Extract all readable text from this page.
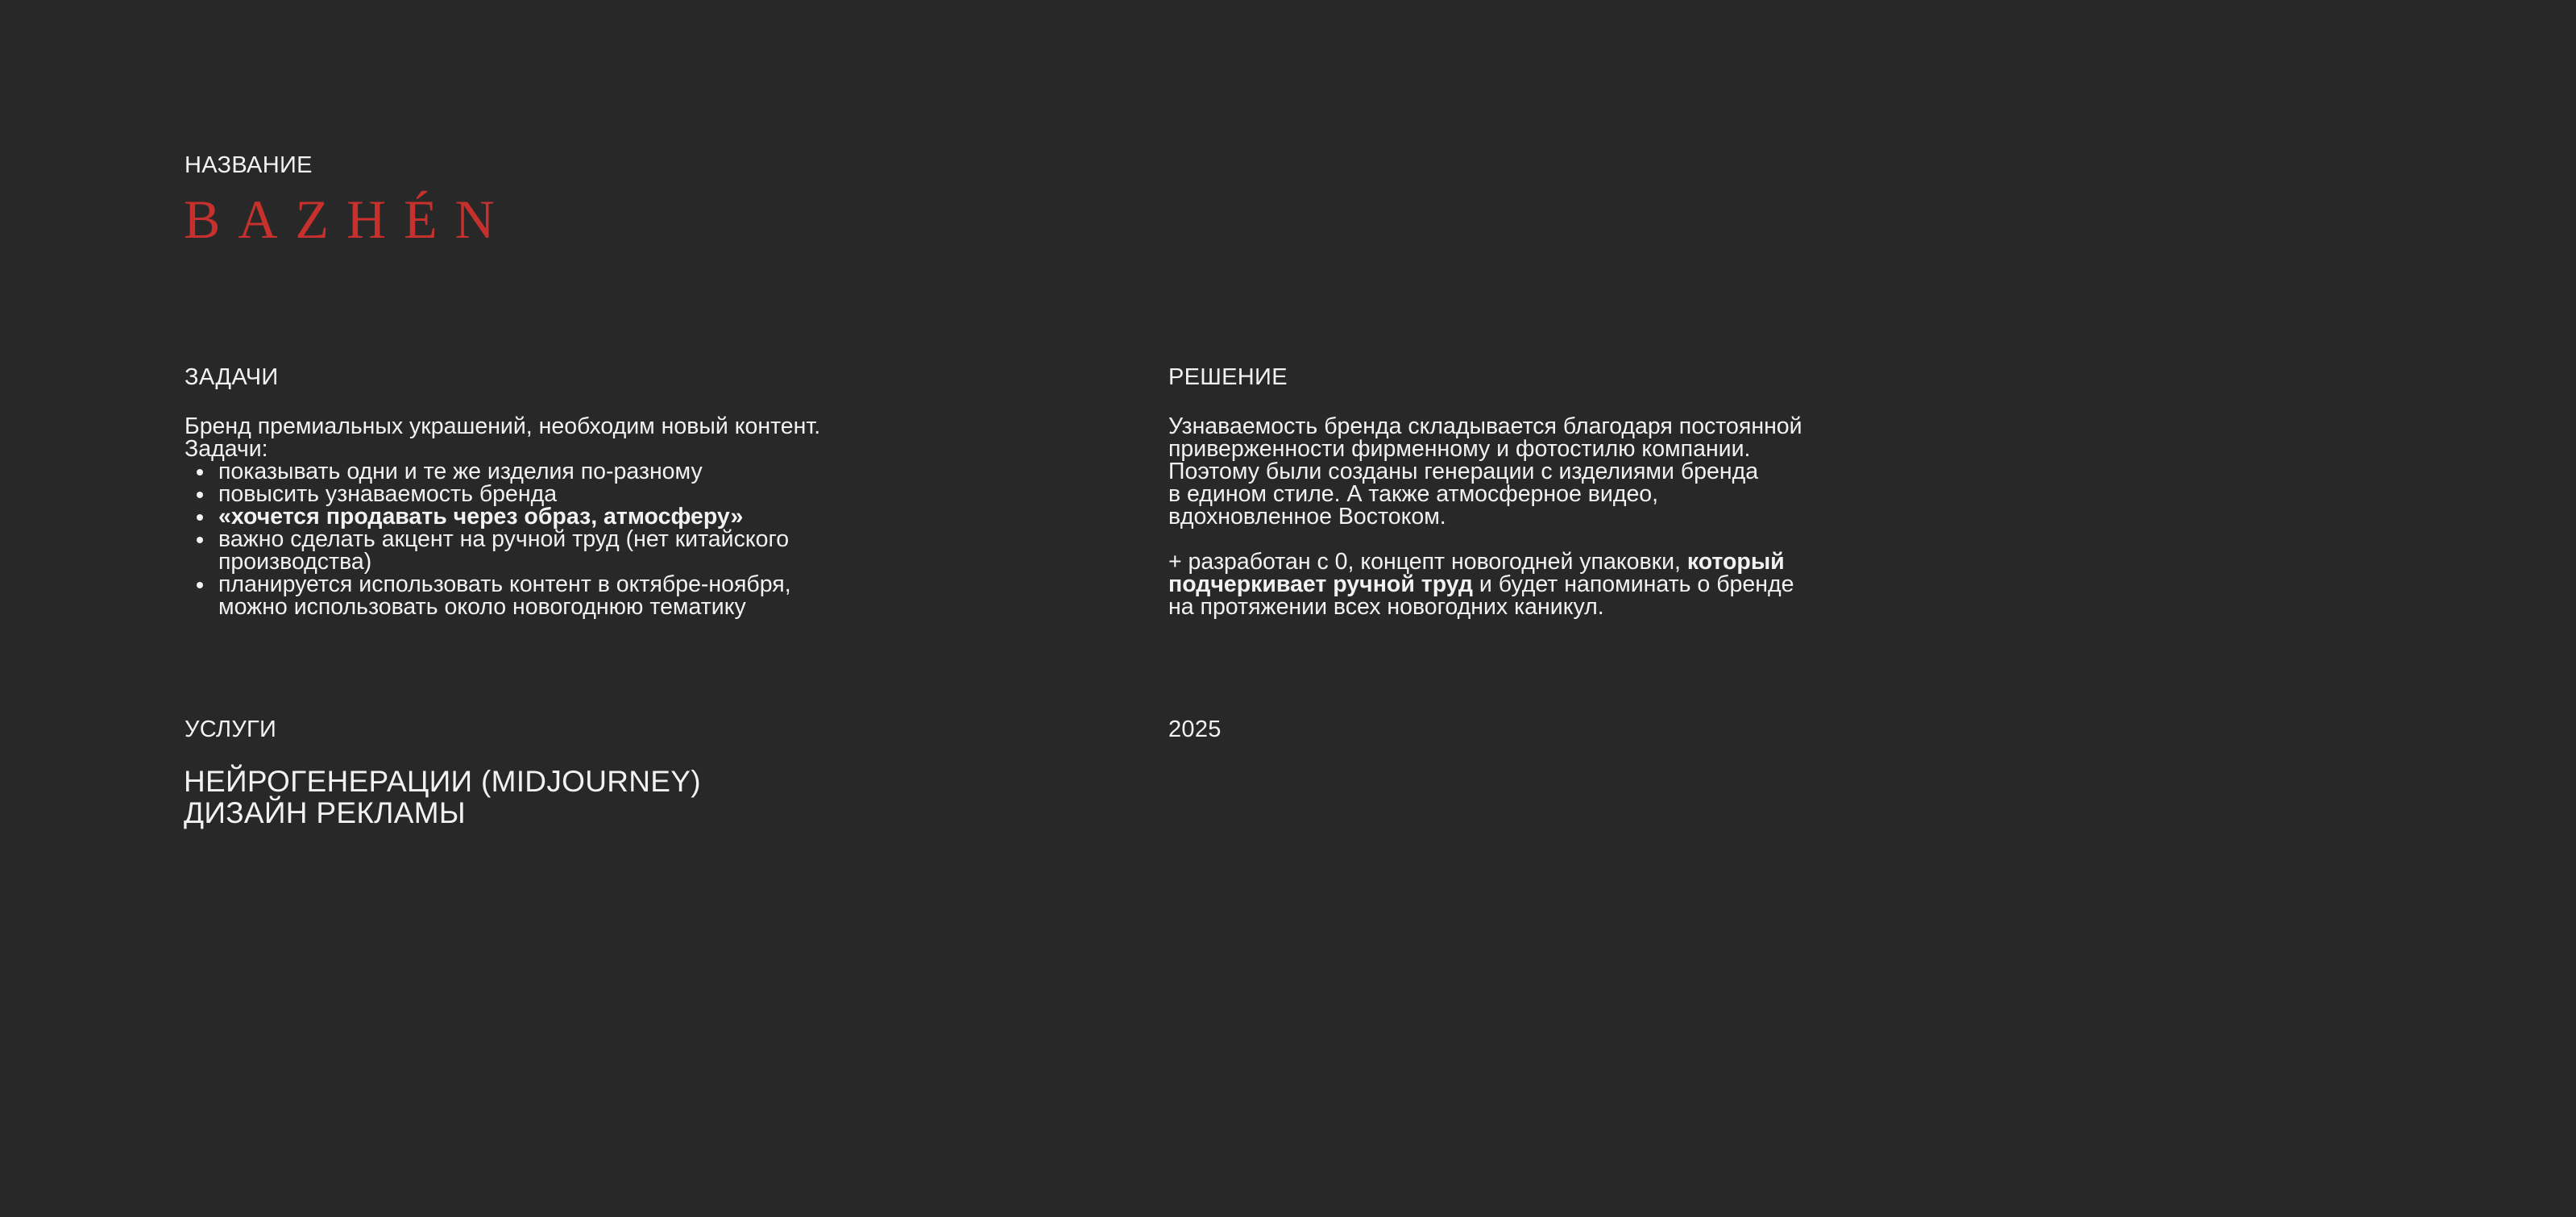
НАЗВАНИЕ
BAZHÉN
ЗАДАЧИ

Бренд премиальных украшений, необходим новый контент.

Задачи:

показывать одни и те же изделия по-разному
повысить узнаваемость бренда
«хочется продавать через образ, атмосферу»
важно сделать акцент на ручной труд (нет китайского
производства)
планируется использовать контент в октябре-ноября,
можно использовать около новогоднюю тематику
РЕШЕНИЕ

Узнаваемость бренда складывается благодаря постоянной
приверженности фирменному и фотостилю компании.
Поэтому были созданы генерации с изделиями бренда
в едином стиле. А также атмосферное видео,
вдохновленное Востоком.

+ разработан с 0, концепт новогодней упаковки, который
подчеркивает ручной труд и будет напоминать о бренде
на протяжении всех новогодних каникул.

УСЛУГИ
НЕЙРОГЕНЕРАЦИИ (MIDJOURNEY)
ДИЗАЙН РЕКЛАМЫ
2025
